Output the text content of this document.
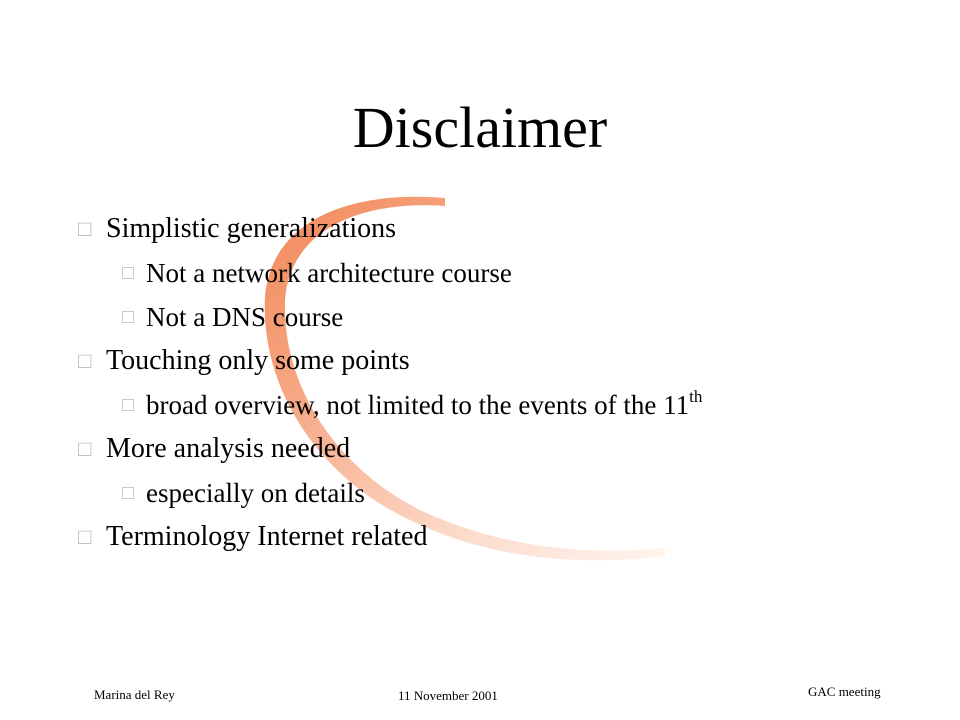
Disclaimer
□ Simplistic generalizations
□ Not a network architecture course
□ Not a DNS course
□ Touching only some points
□ broad overview, not limited to the events of the 11th
□ More analysis needed
□ especially on details
□ Terminology Internet related
Marina del Rey	11 November 2001	GAC meeting
